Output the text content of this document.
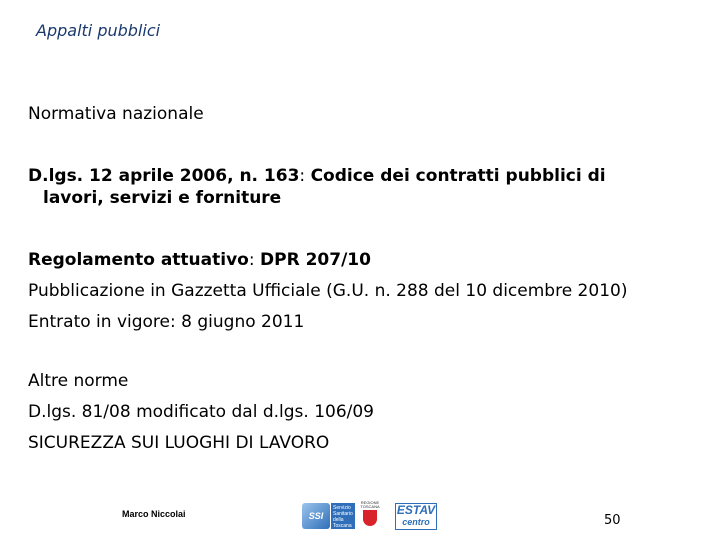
Appalti pubblici
Normativa nazionale
D.lgs. 12 aprile 2006, n. 163: Codice dei contratti pubblici di
lavori, servizi e forniture
Regolamento attuativo: DPR 207/10
Pubblicazione in Gazzetta Ufficiale (G.U. n. 288 del 10 dicembre 2010)
Entrato in vigore: 8 giugno 2011
Altre norme
D.lgs. 81/08 modificato dal d.lgs. 106/09
SICUREZZA SUI LUOGHI DI LAVORO
Marco Niccolai	SSI
Servizio Sanitario della Toscana
REGIONE TOSCANA ESTAV
centro	50
